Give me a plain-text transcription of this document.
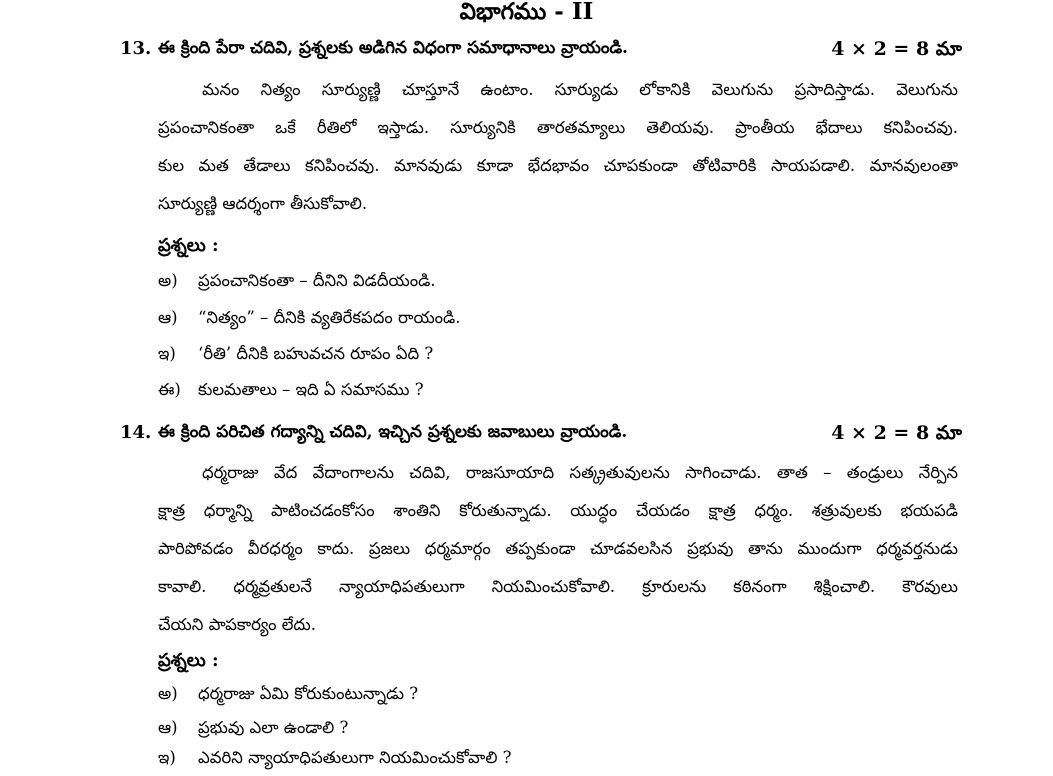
విభాగము - II
13. ఈ క్రింది పేరా చదివి, ప్రశ్నలకు అడిగిన విధంగా సమాధానాలు వ్రాయండి.	4 × 2 = 8 మా
మనం నిత్యం సూర్యుణ్ణి చూస్తూనే ఉంటాం. సూర్యుడు లోకానికి వెలుగును ప్రసాదిస్తాడు. వెలుగును
ప్రపంచానికంతా ఒకే రీతిలో ఇస్తాడు. సూర్యునికి తారతమ్యాలు తెలియవు. ప్రాంతీయ భేదాలు కనిపించవు.
కుల మత తేడాలు కనిపించవు. మానవుడు కూడా భేదభావం చూపకుండా తోటివారికి సాయపడాలి. మానవులంతా
సూర్యుణ్ణి ఆదర్శంగా తీసుకోవాలి.
ప్రశ్నలు :
అ) ప్రపంచానికంతా – దీనిని విడదీయండి.
ఆ) “నిత్యం” – దీనికి వ్యతిరేకపదం రాయండి.
ఇ) ‘రీతి’ దీనికి బహువచన రూపం ఏది ?
ఈ) కులమతాలు – ఇది ఏ సమాసము ?
14. ఈ క్రింది పరిచిత గద్యాన్ని చదివి, ఇచ్చిన ప్రశ్నలకు జవాబులు వ్రాయండి.	4 × 2 = 8 మా
ధర్మరాజు వేద వేదాంగాలను చదివి, రాజసూయాది సత్క్రతువులను సాగించాడు. తాత – తండ్రులు నేర్పిన
క్షాత్ర ధర్మాన్ని పాటించడంకోసం శాంతిని కోరుతున్నాడు. యుద్ధం చేయడం క్షాత్ర ధర్మం. శత్రువులకు భయపడి
పారిపోవడం వీరధర్మం కాదు. ప్రజలు ధర్మమార్గం తప్పకుండా చూడవలసిన ప్రభువు తాను ముందుగా ధర్మవర్తనుడు
కావాలి. ధర్మవ్రతులనే న్యాయాధిపతులుగా నియమించుకోవాలి. క్రూరులను కఠినంగా శిక్షించాలి. కౌరవులు
చేయని పాపకార్యం లేదు.
ప్రశ్నలు :
అ) ధర్మరాజు ఏమి కోరుకుంటున్నాడు ?
ఆ) ప్రభువు ఎలా ఉండాలి ?
ఇ) ఎవరిని న్యాయాధిపతులుగా నియమించుకోవాలి ?
